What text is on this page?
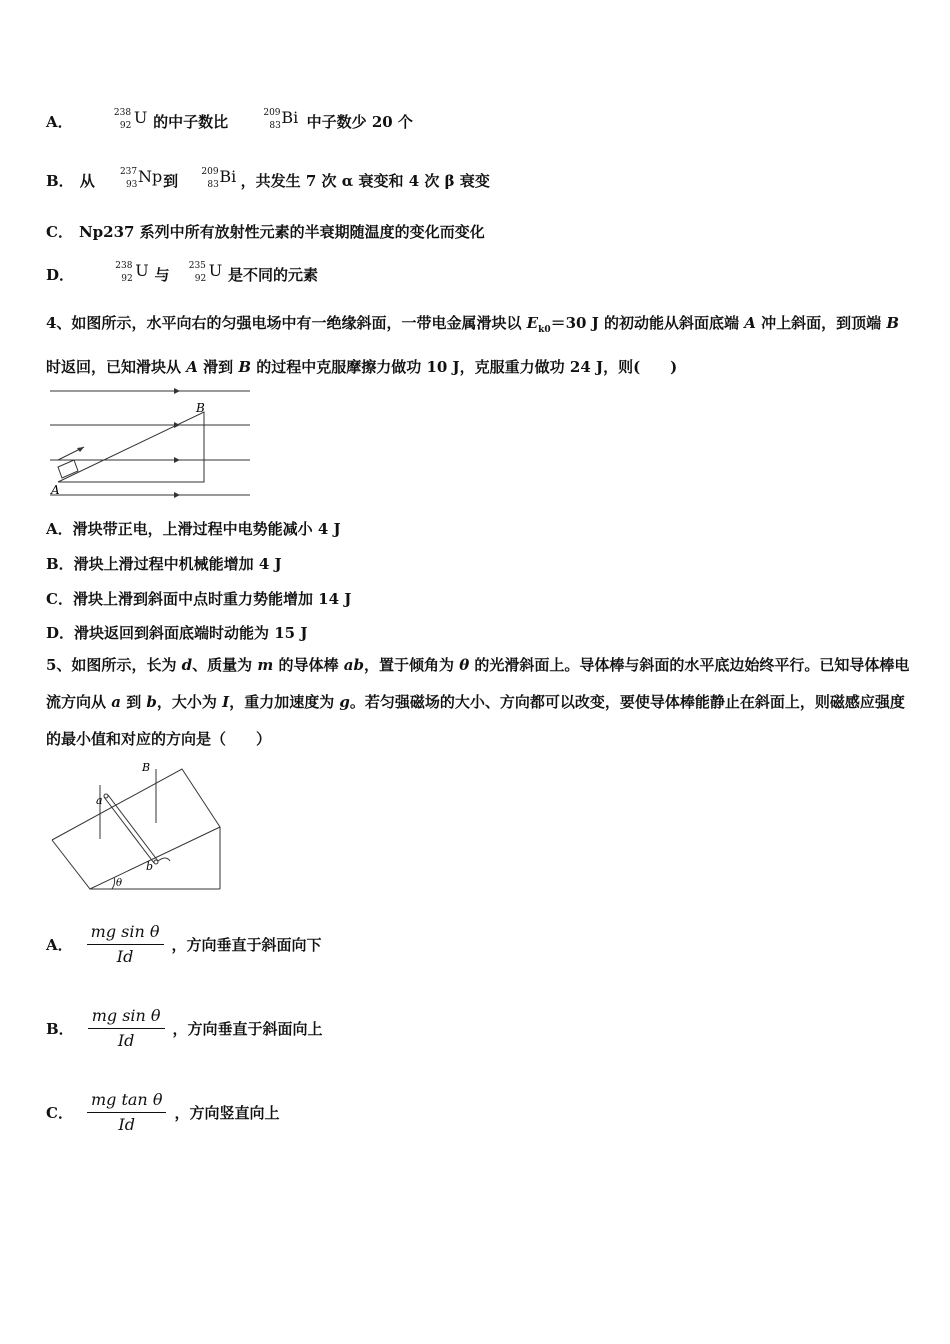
A．	238
92 U 的中子数比	209
83 Bi 中子数少 20 个
B． 从	237
93 Np 到	209
83 Bi ，共发生 7 次 α 衰变和 4 次 β 衰变
C． Np237 系列中所有放射性元素的半衰期随温度的变化而变化
D．	238
92 U 与 235
92 U 是不同的元素
4、如图所示，水平向右的匀强电场中有一绝缘斜面，一带电金属滑块以 $E_{k0}=30$ J 的初动能从斜面底端 A 冲上斜面，到顶端 B 时返回，已知滑块从 A 滑到 B 的过程中克服摩擦力做功 10 J，克服重力做功 24 J，则(　　)
A
B
A．滑块带正电，上滑过程中电势能减小 4 J
B．滑块上滑过程中机械能增加 4 J
C．滑块上滑到斜面中点时重力势能增加 14 J
D．滑块返回到斜面底端时动能为 15 J
5、如图所示，长为 d、质量为 m 的导体棒 ab，置于倾角为 θ 的光滑斜面上。导体棒与斜面的水平底边始终平行。已知导体棒电流方向从 a 到 b，大小为 I，重力加速度为 g。若匀强磁场的大小、方向都可以改变，要使导体棒能静止在斜面上，则磁感应强度的最小值和对应的方向是（　　）
B
a
b
θ
A． $\frac{\text{mg sin θ}}{Id}$ ，方向垂直于斜面向下
B． $\frac{\text{mg sin θ}}{Id}$ ，方向垂直于斜面向上
C． $\frac{\text{mg tan θ}}{Id}$ ，方向竖直向上
